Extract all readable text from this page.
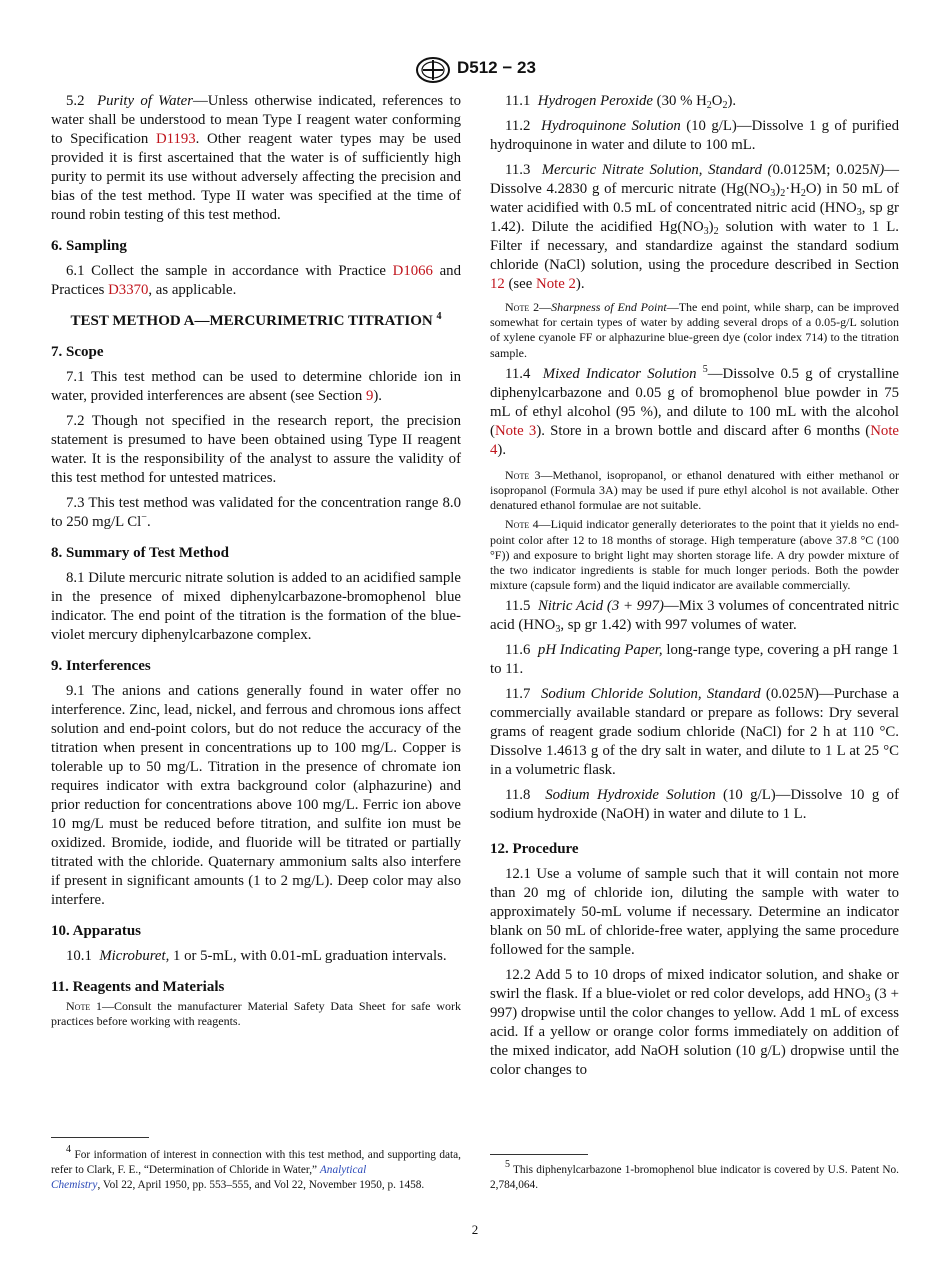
D512 − 23

5.2 Purity of Water—Unless otherwise indicated, references to water shall be understood to mean Type I reagent water conforming to Specification D1193. Other reagent water types may be used provided it is first ascertained that the water is of sufficiently high purity to permit its use without adversely affecting the precision and bias of the test method. Type II water was specified at the time of round robin testing of this test method.

6. Sampling

6.1 Collect the sample in accordance with Practice D1066 and Practices D3370, as applicable.

TEST METHOD A—MERCURIMETRIC TITRATION $^4$
7. Scope

7.1 This test method can be used to determine chloride ion in water, provided interferences are absent (see Section 9).

7.2 Though not specified in the research report, the precision statement is presumed to have been obtained using Type II reagent water. It is the responsibility of the analyst to assure the validity of this test method for untested matrices.

7.3 This test method was validated for the concentration range 8.0 to 250 mg/L Cl−.

8. Summary of Test Method

8.1 Dilute mercuric nitrate solution is added to an acidified sample in the presence of mixed diphenylcarbazone-bromophenol blue indicator. The end point of the titration is the formation of the blue-violet mercury diphenylcarbazone complex.

9. Interferences

9.1 The anions and cations generally found in water offer no interference. Zinc, lead, nickel, and ferrous and chromous ions affect solution and end-point colors, but do not reduce the accuracy of the titration when present in concentrations up to 100 mg/L. Copper is tolerable up to 50 mg/L. Titration in the presence of chromate ion requires indicator with extra background color (alphazurine) and prior reduction for concentrations above 100 mg/L. Ferric ion above 10 mg/L must be reduced before titration, and sulfite ion must be oxidized. Bromide, iodide, and fluoride will be titrated or partially titrated with the chloride. Quaternary ammonium salts also interfere if present in significant amounts (1 to 2 mg/L). Deep color may also interfere.

10. Apparatus

10.1 Microburet, 1 or 5-mL, with 0.01-mL graduation intervals.

11. Reagents and Materials

Note 1—Consult the manufacturer Material Safety Data Sheet for safe work practices before working with reagents.

$^4$ For information of interest in connection with this test method, and supporting data, refer to Clark, F. E., “Determination of Chloride in Water,” Analytical
Chemistry, Vol 22, April 1950, pp. 553–555, and Vol 22, November 1950, p. 1458.

11.1 Hydrogen Peroxide (30 % $H_2O_2$).

11.2 Hydroquinone Solution (10 g/L)—Dissolve 1 g of purified hydroquinone in water and dilute to 100 mL.

11.3 Mercuric Nitrate Solution, Standard (0.0125M; 0.025N)—Dissolve 4.2830 g of mercuric nitrate $(Hg(NO_3)_2\cdot H_2O)$ in 50 mL of water acidified with 0.5 mL of concentrated nitric acid ($HNO_3$, sp gr 1.42). Dilute the acidified $Hg(NO_3)_2$ solution with water to 1 L. Filter if necessary, and standardize against the standard sodium chloride (NaCl) solution, using the procedure described in Section 12 (see Note 2).

Note 2—Sharpness of End Point—The end point, while sharp, can be improved somewhat for certain types of water by adding several drops of a 0.05-g/L solution of xylene cyanole FF or alphazurine blue-green dye (color index 714) to the titration sample.

11.4 Mixed Indicator Solution $^5$—Dissolve 0.5 g of crystalline diphenylcarbazone and 0.05 g of bromophenol blue powder in 75 mL of ethyl alcohol (95 %), and dilute to 100 mL with the alcohol (Note 3). Store in a brown bottle and discard after 6 months (Note 4).

Note 3—Methanol, isopropanol, or ethanol denatured with either methanol or isopropanol (Formula 3A) may be used if pure ethyl alcohol is not available. Other denatured ethanol formulae are not suitable.

Note 4—Liquid indicator generally deteriorates to the point that it yields no end-point color after 12 to 18 months of storage. High temperature (above 37.8 °C (100 °F)) and exposure to bright light may shorten storage life. A dry powder mixture of the two indicator ingredients is stable for much longer periods. Both the powder mixture (capsule form) and the liquid indicator are available commercially.

11.5 Nitric Acid (3 + 997)—Mix 3 volumes of concentrated nitric acid ($HNO_3$, sp gr 1.42) with 997 volumes of water.

11.6 pH Indicating Paper, long-range type, covering a pH range 1 to 11.

11.7 Sodium Chloride Solution, Standard (0.025N)—Purchase a commercially available standard or prepare as follows: Dry several grams of reagent grade sodium chloride (NaCl) for 2 h at 110 °C. Dissolve 1.4613 g of the dry salt in water, and dilute to 1 L at 25 °C in a volumetric flask.

11.8 Sodium Hydroxide Solution (10 g/L)—Dissolve 10 g of sodium hydroxide (NaOH) in water and dilute to 1 L.

12. Procedure

12.1 Use a volume of sample such that it will contain not more than 20 mg of chloride ion, diluting the sample with water to approximately 50-mL volume if necessary. Determine an indicator blank on 50 mL of chloride-free water, applying the same procedure followed for the sample.

12.2 Add 5 to 10 drops of mixed indicator solution, and shake or swirl the flask. If a blue-violet or red color develops, add $HNO_3$ (3 + 997) dropwise until the color changes to yellow. Add 1 mL of excess acid. If a yellow or orange color forms immediately on addition of the mixed indicator, add NaOH solution (10 g/L) dropwise until the color changes to

$^5$ This diphenylcarbazone 1-bromophenol blue indicator is covered by U.S. Patent No. 2,784,064.
2
